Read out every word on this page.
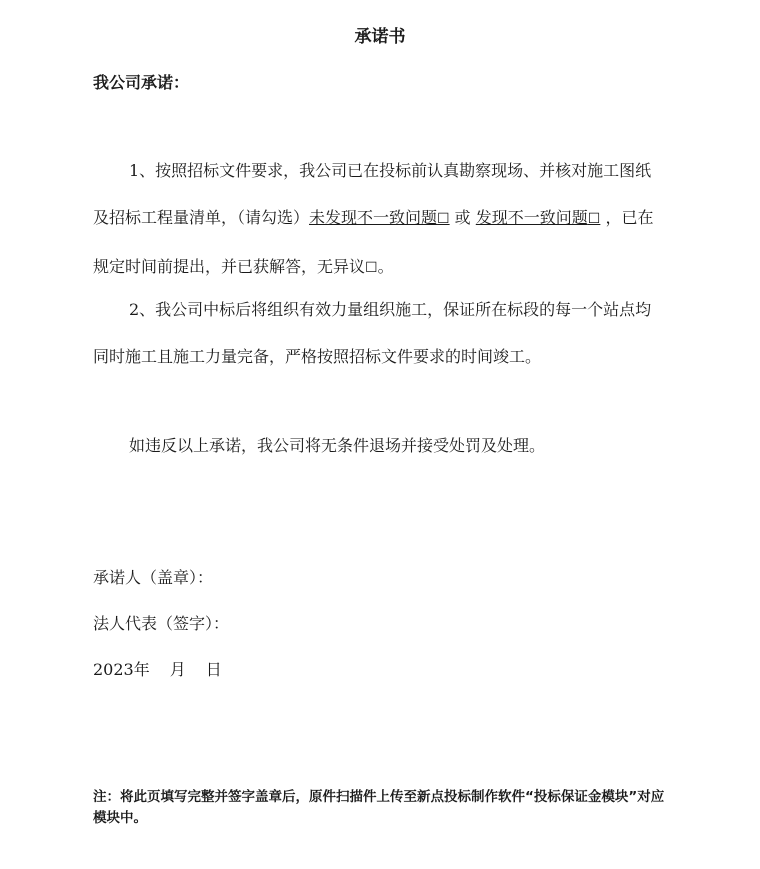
承诺书
我公司承诺：
1、按照招标文件要求，我公司已在投标前认真勘察现场、并核对施工图纸及招标工程量清单，（请勾选）未发现不一致问题☐ 或 发现不一致问题☐ ，已在规定时间前提出，并已获解答，无异议☐。
2、我公司中标后将组织有效力量组织施工，保证所在标段的每一个站点均同时施工且施工力量完备，严格按照招标文件要求的时间竣工。
如违反以上承诺，我公司将无条件退场并接受处罚及处理。
承诺人（盖章）：
法人代表（签字）：
2023年 月 日
注：将此页填写完整并签字盖章后，原件扫描件上传至新点投标制作软件“投标保证金模块”对应模块中。
